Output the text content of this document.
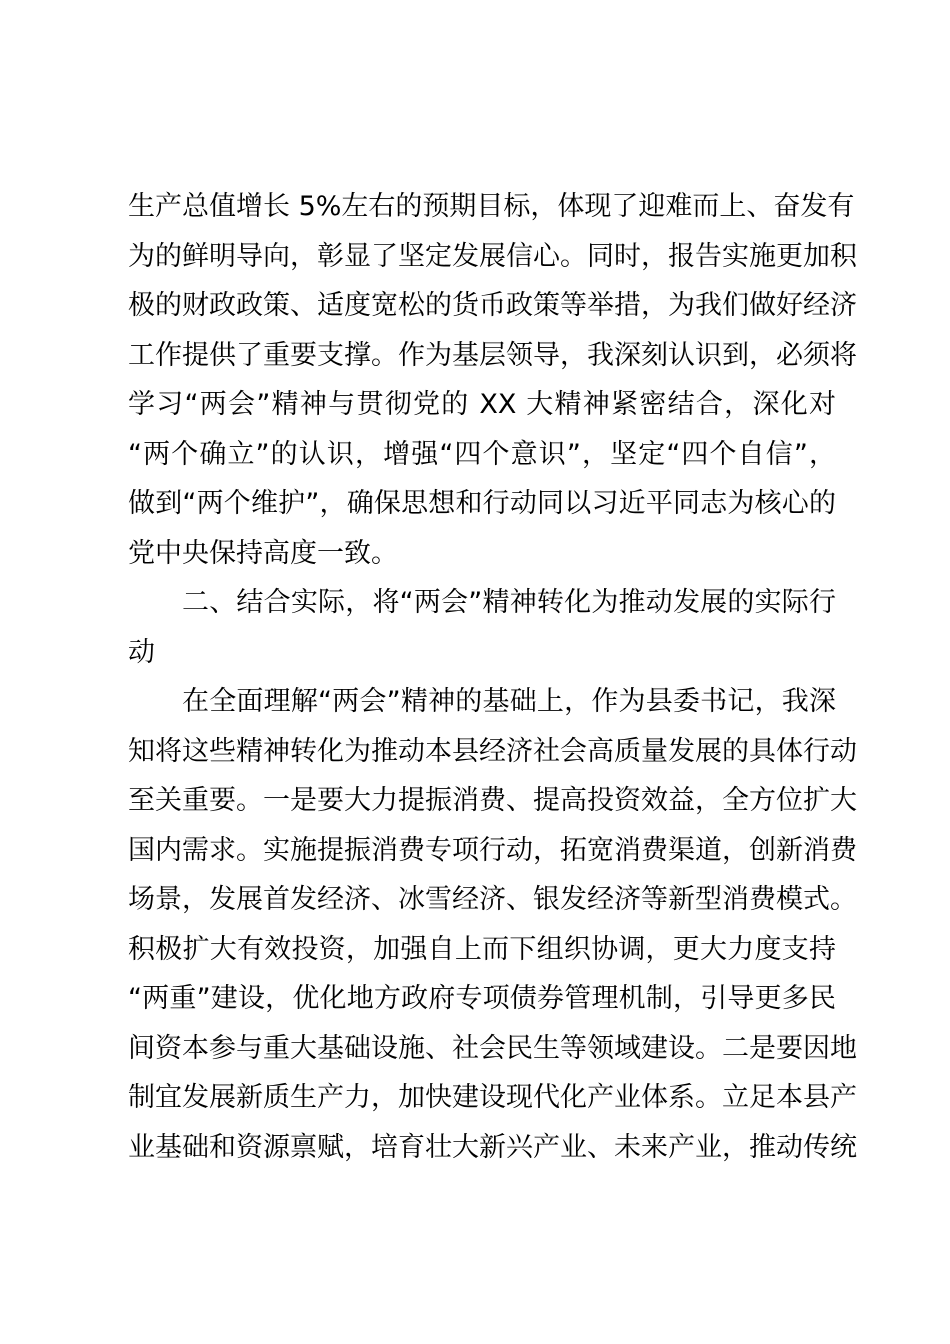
生产总值增长 5%左右的预期目标，体现了迎难而上、奋发有
为的鲜明导向，彰显了坚定发展信心。同时，报告实施更加积
极的财政政策、适度宽松的货币政策等举措，为我们做好经济
工作提供了重要支撑。作为基层领导，我深刻认识到，必须将
学习“两会”精神与贯彻党的 XX 大精神紧密结合，深化对
“两个确立”的认识，增强“四个意识”，坚定“四个自信”，
做到“两个维护”，确保思想和行动同以习近平同志为核心的
党中央保持高度一致。
二、结合实际，将“两会”精神转化为推动发展的实际行
动
在全面理解“两会”精神的基础上，作为县委书记，我深
知将这些精神转化为推动本县经济社会高质量发展的具体行动
至关重要。一是要大力提振消费、提高投资效益，全方位扩大
国内需求。实施提振消费专项行动，拓宽消费渠道，创新消费
场景，发展首发经济、冰雪经济、银发经济等新型消费模式。
积极扩大有效投资，加强自上而下组织协调，更大力度支持
“两重”建设，优化地方政府专项债券管理机制，引导更多民
间资本参与重大基础设施、社会民生等领域建设。二是要因地
制宜发展新质生产力，加快建设现代化产业体系。立足本县产
业基础和资源禀赋，培育壮大新兴产业、未来产业，推动传统
